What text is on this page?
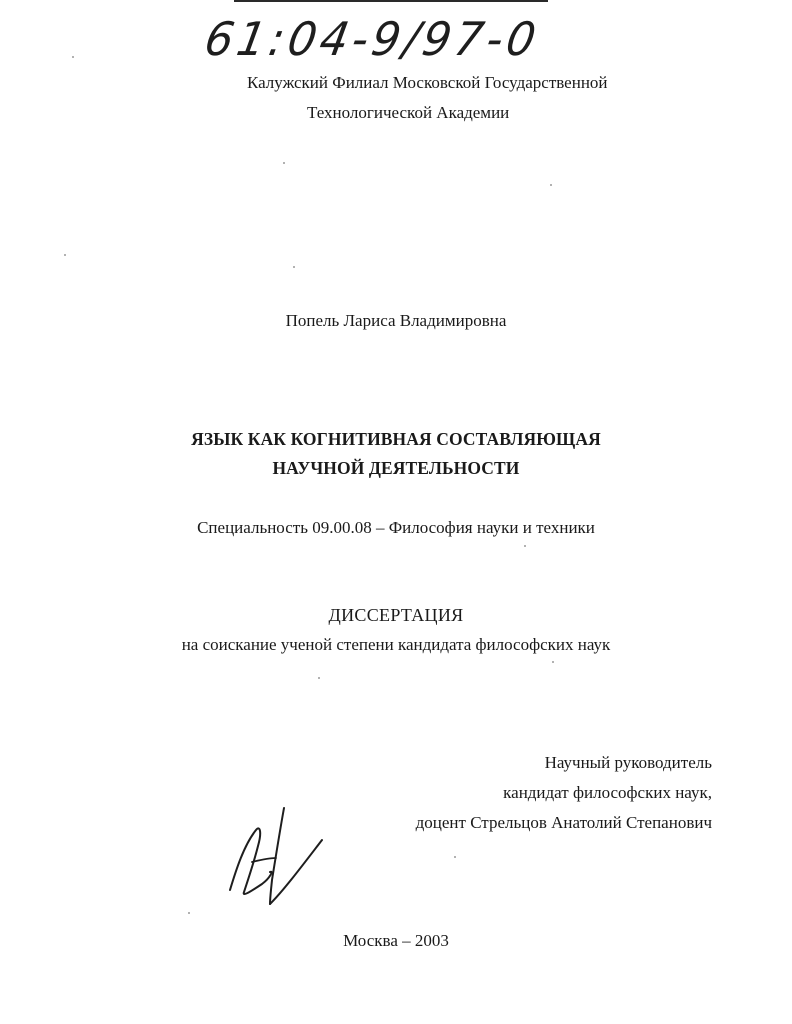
61:04-9/97-0
Калужский Филиал Московской Государственной
Технологической Академии
Попель Лариса Владимировна
ЯЗЫК КАК КОГНИТИВНАЯ СОСТАВЛЯЮЩАЯ
НАУЧНОЙ ДЕЯТЕЛЬНОСТИ
Специальность 09.00.08 – Философия науки и техники
ДИССЕРТАЦИЯ
на соискание ученой степени кандидата философских наук
Научный руководитель
кандидат философских наук,
доцент Стрельцов Анатолий Степанович
Москва – 2003
